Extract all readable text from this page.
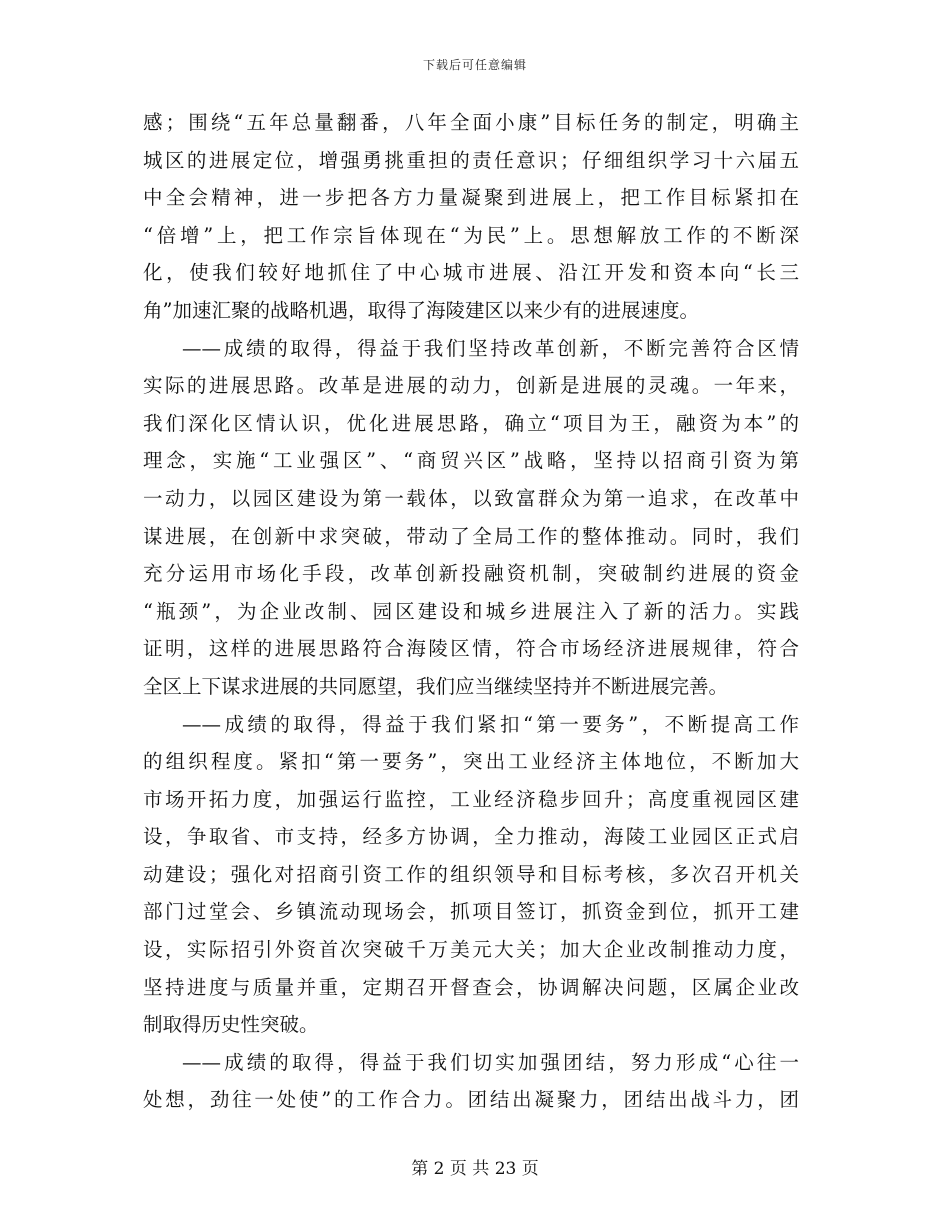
下载后可任意编辑
感；围绕“五年总量翻番，八年全面小康”目标任务的制定，明确主
城区的进展定位，增强勇挑重担的责任意识；仔细组织学习十六届五
中全会精神，进一步把各方力量凝聚到进展上，把工作目标紧扣在
“倍增”上，把工作宗旨体现在“为民”上。思想解放工作的不断深
化，使我们较好地抓住了中心城市进展、沿江开发和资本向“长三
角”加速汇聚的战略机遇，取得了海陵建区以来少有的进展速度。
——成绩的取得，得益于我们坚持改革创新，不断完善符合区情
实际的进展思路。改革是进展的动力，创新是进展的灵魂。一年来，
我们深化区情认识，优化进展思路，确立“项目为王，融资为本”的
理念，实施“工业强区”、“商贸兴区”战略，坚持以招商引资为第
一动力，以园区建设为第一载体，以致富群众为第一追求，在改革中
谋进展，在创新中求突破，带动了全局工作的整体推动。同时，我们
充分运用市场化手段，改革创新投融资机制，突破制约进展的资金
“瓶颈”，为企业改制、园区建设和城乡进展注入了新的活力。实践
证明，这样的进展思路符合海陵区情，符合市场经济进展规律，符合
全区上下谋求进展的共同愿望，我们应当继续坚持并不断进展完善。
——成绩的取得，得益于我们紧扣“第一要务”，不断提高工作
的组织程度。紧扣“第一要务”，突出工业经济主体地位，不断加大
市场开拓力度，加强运行监控，工业经济稳步回升；高度重视园区建
设，争取省、市支持，经多方协调，全力推动，海陵工业园区正式启
动建设；强化对招商引资工作的组织领导和目标考核，多次召开机关
部门过堂会、乡镇流动现场会，抓项目签订，抓资金到位，抓开工建
设，实际招引外资首次突破千万美元大关；加大企业改制推动力度，
坚持进度与质量并重，定期召开督查会，协调解决问题，区属企业改
制取得历史性突破。
——成绩的取得，得益于我们切实加强团结，努力形成“心往一
处想，劲往一处使”的工作合力。团结出凝聚力，团结出战斗力，团
第 2 页 共 23 页
